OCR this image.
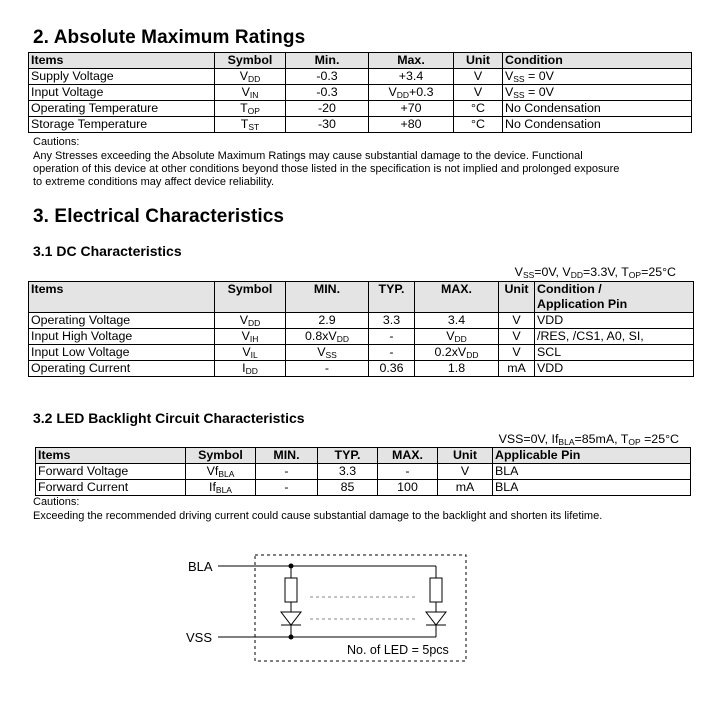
2. Absolute Maximum Ratings
Items	Symbol	Min.	Max.	Unit	Condition
Supply Voltage	$V_{DD}$	-0.3	+3.4	V	$V_{SS} = 0V$
Input Voltage	$V_{IN}$	-0.3	$V_{DD}+0.3$	V	$V_{SS} = 0V$
Operating Temperature	$T_{OP}$	-20	+70	°C	No Condensation
Storage Temperature	$T_{ST}$	-30	+80	°C	No Condensation
Cautions:
Any Stresses exceeding the Absolute Maximum Ratings may cause substantial damage to the device. Functional
operation of this device at other conditions beyond those listed in the specification is not implied and prolonged exposure
to extreme conditions may affect device reliability.
3. Electrical Characteristics
3.1 DC Characteristics
$V_{SS}=0V$, $V_{DD}=3.3V$, $T_{OP}=25^\circ C$
Items	Symbol	MIN.	TYP.	MAX.	Unit	Condition /
Application Pin

Operating Voltage	$V_{DD}$	2.9	3.3	3.4	V	VDD
Input High Voltage	$V_{IH}$	$0.8xV_{DD}$	-	$V_{DD}$	V	/RES, /CS1, A0, SI,
Input Low Voltage	$V_{IL}$	$V_{SS}$	-	$0.2xV_{DD}$	V	SCL
Operating Current	$I_{DD}$	-	0.36	1.8	mA	VDD
3.2 LED Backlight Circuit Characteristics
VSS=0V, $If_{BLA}=85mA$, $T_{OP} =25^\circ C$
Items	Symbol	MIN.	TYP.	MAX.	Unit	Applicable Pin
Forward Voltage	$Vf_{BLA}$	-	3.3	-	V	BLA
Forward Current	$If_{BLA}$	-	85	100	mA	BLA
Cautions:
Exceeding the recommended driving current could cause substantial damage to the backlight and shorten its lifetime.
BLA
VSS
No. of LED = 5pcs
